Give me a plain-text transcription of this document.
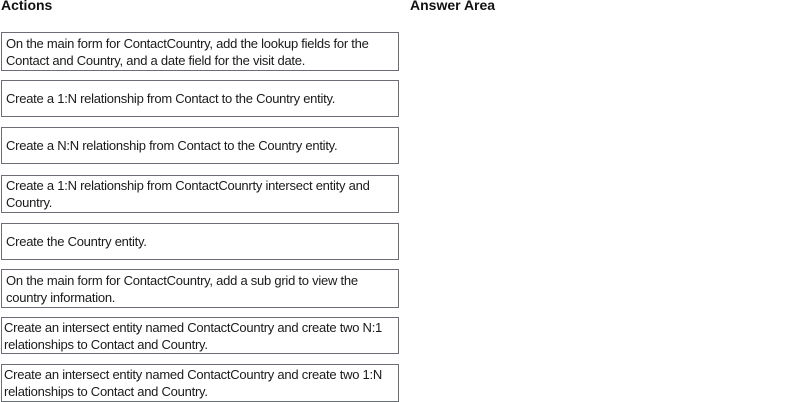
Actions	Answer Area
On the main form for ContactCountry, add the lookup fields for the Contact and Country, and a date field for the visit date.
Create a 1:N relationship from Contact to the Country entity.
Create a N:N relationship from Contact to the Country entity.
Create a 1:N relationship from ContactCounrty intersect entity and Country.
Create the Country entity.
On the main form for ContactCountry, add a sub grid to view the country information.
Create an intersect entity named ContactCountry and create two N:1 relationships to Contact and Country.
Create an intersect entity named ContactCountry and create two 1:N relationships to Contact and Country.
